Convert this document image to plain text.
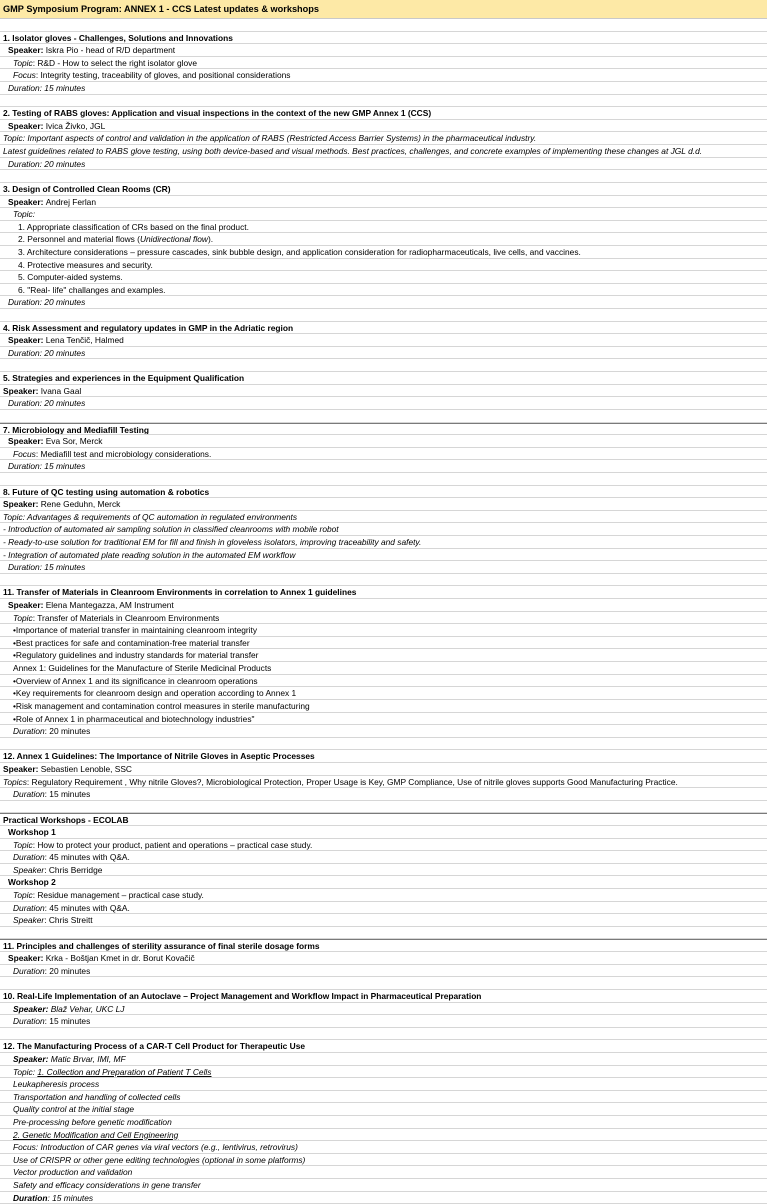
GMP Symposium Program: ANNEX 1 - CCS Latest updates & workshops
1. Isolator gloves - Challenges, Solutions and Innovations
Speaker: Iskra Pio - head of R/D department
Topic: R&D - How to select the right isolator glove
Focus: Integrity testing, traceability of gloves, and positional considerations
Duration: 15 minutes
2. Testing of RABS gloves: Application and visual inspections in the context of the new GMP Annex 1 (CCS)
Speaker: Ivica Živko, JGL
Topic: Important aspects of control and validation in the application of RABS (Restricted Access Barrier Systems) in the pharmaceutical industry.
Latest guidelines related to RABS glove testing, using both device-based and visual methods. Best practices, challenges, and concrete examples of implementing these changes at JGL d.d.
Duration: 20 minutes
3. Design of Controlled Clean Rooms (CR)
Speaker: Andrej Ferlan
Topic:
1. Appropriate classification of CRs based on the final product.
2. Personnel and material flows (Unidirectional flow).
3. Architecture considerations – pressure cascades, sink bubble design, and application consideration for radiopharmaceuticals, live cells, and vaccines.
4. Protective measures and security.
5. Computer-aided systems.
6. "Real- life" challanges and examples.
Duration: 20 minutes
4. Risk Assessment and regulatory updates in GMP in the Adriatic region
Speaker: Lena Tenčič, Halmed
Duration: 20 minutes
5. Strategies and experiences in the Equipment Qualification
Speaker: Ivana Gaal
Duration: 20 minutes
7. Microbiology and Mediafill Testing
Speaker: Eva Sor, Merck
Focus: Mediafill test and microbiology considerations.
Duration: 15 minutes
8. Future of QC testing using automation & robotics
Speaker: Rene Geduhn, Merck
Topic: Advantages & requirements of QC automation in regulated environments
- Introduction of automated air sampling solution in classified cleanrooms with mobile robot
- Ready-to-use solution for traditional EM for fill and finish in gloveless isolators, improving traceability and safety.
- Integration of automated plate reading solution in the automated EM workflow
Duration: 15 minutes
11. Transfer of Materials in Cleanroom Environments in correlation to Annex 1 guidelines
Speaker: Elena Mantegazza, AM Instrument
Topic: Transfer of Materials in Cleanroom Environments
•Importance of material transfer in maintaining cleanroom integrity
•Best practices for safe and contamination-free material transfer
•Regulatory guidelines and industry standards for material transfer
Annex 1: Guidelines for the Manufacture of Sterile Medicinal Products
•Overview of Annex 1 and its significance in cleanroom operations
•Key requirements for cleanroom design and operation according to Annex 1
•Risk management and contamination control measures in sterile manufacturing
•Role of Annex 1 in pharmaceutical and biotechnology industries"
Duration: 20 minutes
12. Annex 1 Guidelines: The Importance of Nitrile Gloves in Aseptic Processes
Speaker: Sebastien Lenoble, SSC
Topics: Regulatory Requirement , Why nitrile Gloves?, Microbiological Protection, Proper Usage is Key, GMP Compliance, Use of nitrile gloves supports Good Manufacturing Practice.
Duration: 15 minutes
Practical Workshops - ECOLAB
Workshop 1
Topic: How to protect your product, patient and operations – practical case study.
Duration: 45 minutes with Q&A.
Speaker: Chris Berridge
Workshop 2
Topic: Residue management – practical case study.
Duration: 45 minutes with Q&A.
Speaker: Chris Streitt
11. Principles and challenges of sterility assurance of final sterile dosage forms
Speaker: Krka - Boštjan Kmet in dr. Borut Kovačič
Duration: 20 minutes
10. Real-Life Implementation of an Autoclave – Project Management and Workflow Impact in Pharmaceutical Preparation
Speaker: Blaž Vehar, UKC LJ
Duration: 15 minutes
12. The Manufacturing Process of a CAR-T Cell Product for Therapeutic Use
Speaker: Matic Brvar, IMI, MF
Topic: 1. Collection and Preparation of Patient T Cells
Leukapheresis process
Transportation and handling of collected cells
Quality control at the initial stage
Pre-processing before genetic modification
2. Genetic Modification and Cell Engineering
Focus: Introduction of CAR genes via viral vectors (e.g., lentivirus, retrovirus)
Use of CRISPR or other gene editing technologies (optional in some platforms)
Vector production and validation
Safety and efficacy considerations in gene transfer
Duration: 15 minutes
